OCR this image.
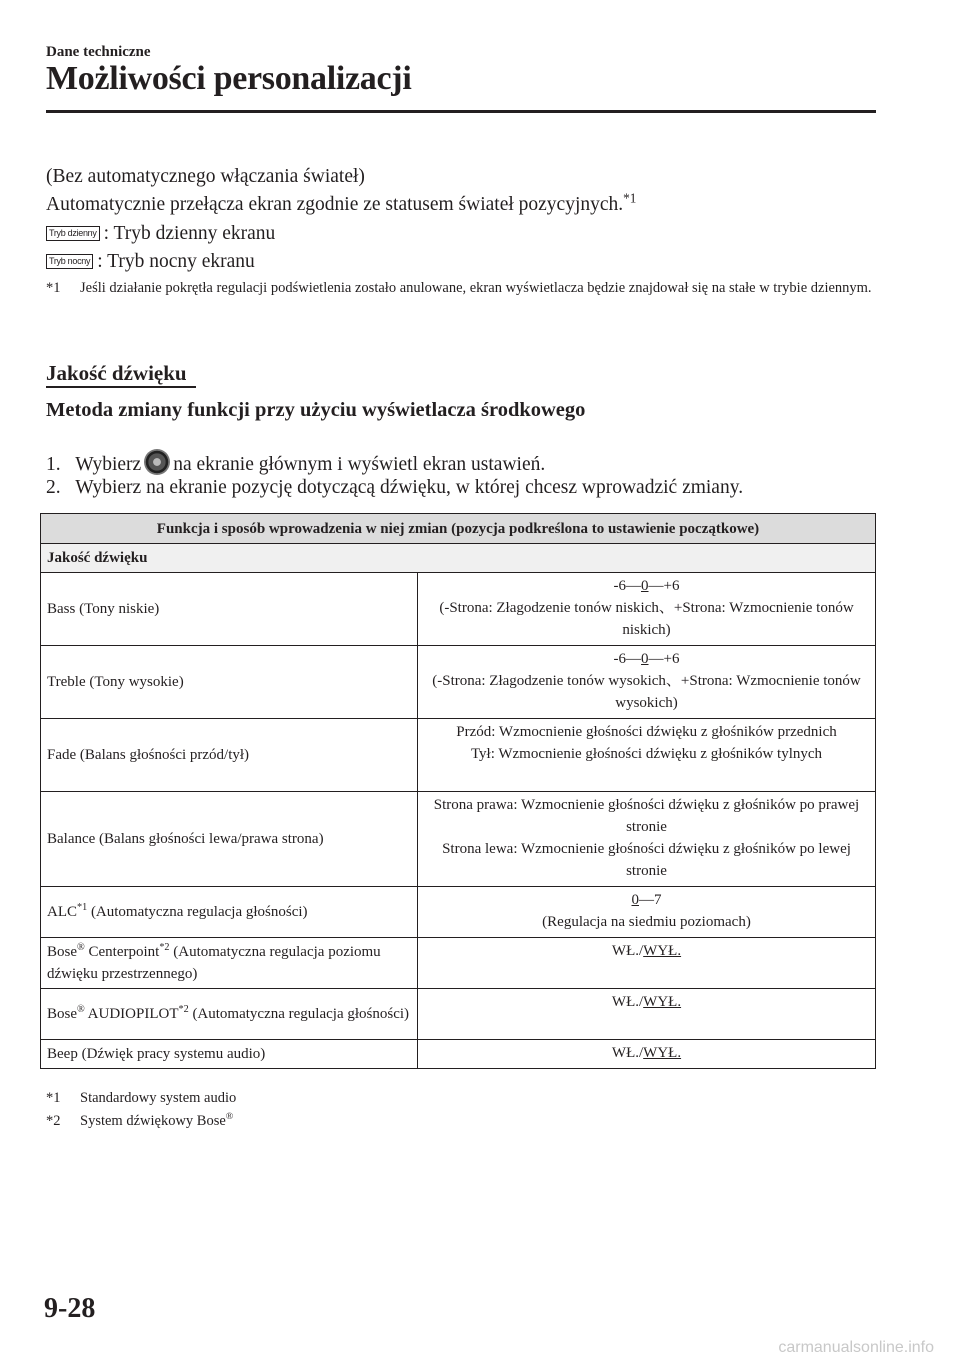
Dane techniczne
Możliwości personalizacji
(Bez automatycznego włączania świateł)
Automatycznie przełącza ekran zgodnie ze statusem świateł pozycyjnych.$^{*1}$
Tryb dzienny : Tryb dzienny ekranu
Tryb nocny : Tryb nocny ekranu
*1 Jeśli działanie pokrętła regulacji podświetlenia zostało anulowane, ekran wyświetlacza będzie znajdował się na stałe w trybie dziennym.
Jakość dźwięku
Metoda zmiany funkcji przy użyciu wyświetlacza środkowego
1. Wybierz na ekranie głównym i wyświetl ekran ustawień.
2. Wybierz na ekranie pozycję dotyczącą dźwięku, w której chcesz wprowadzić zmiany.
Funkcja i sposób wprowadzenia w niej zmian (pozycja podkreślona to ustawienie początkowe)	
Jakość dźwięku	
Bass (Tony niskie)	-6—0—+6
(-Strona: Złagodzenie tonów niskich、+Strona: Wzmocnienie tonów niskich)

Treble (Tony wysokie)	-6—0—+6
(-Strona: Złagodzenie tonów wysokich、+Strona: Wzmocnienie tonów wysokich)

Fade (Balans głośności przód/tył)	Przód: Wzmocnienie głośności dźwięku z głośników przednich
Tył: Wzmocnienie głośności dźwięku z głośników tylnych

Balance (Balans głośności lewa/prawa strona)	Strona prawa: Wzmocnienie głośności dźwięku z głośników po prawej stronie
Strona lewa: Wzmocnienie głośności dźwięku z głośników po lewej stronie

ALC$^{*1}$ (Automatyczna regulacja głośności)	0—7
(Regulacja na siedmiu poziomach)

Bose® Centerpoint$^{*2}$ (Automatyczna regulacja poziomu dźwięku przestrzennego)	WŁ./WYŁ.
Bose® AUDIOPILOT$^{*2}$ (Automatyczna regulacja głośności)	WŁ./WYŁ.
Beep (Dźwięk pracy systemu audio)	WŁ./WYŁ.
*1 Standardowy system audio
*2 System dźwiękowy Bose®
9-28
carmanualsonline.info
